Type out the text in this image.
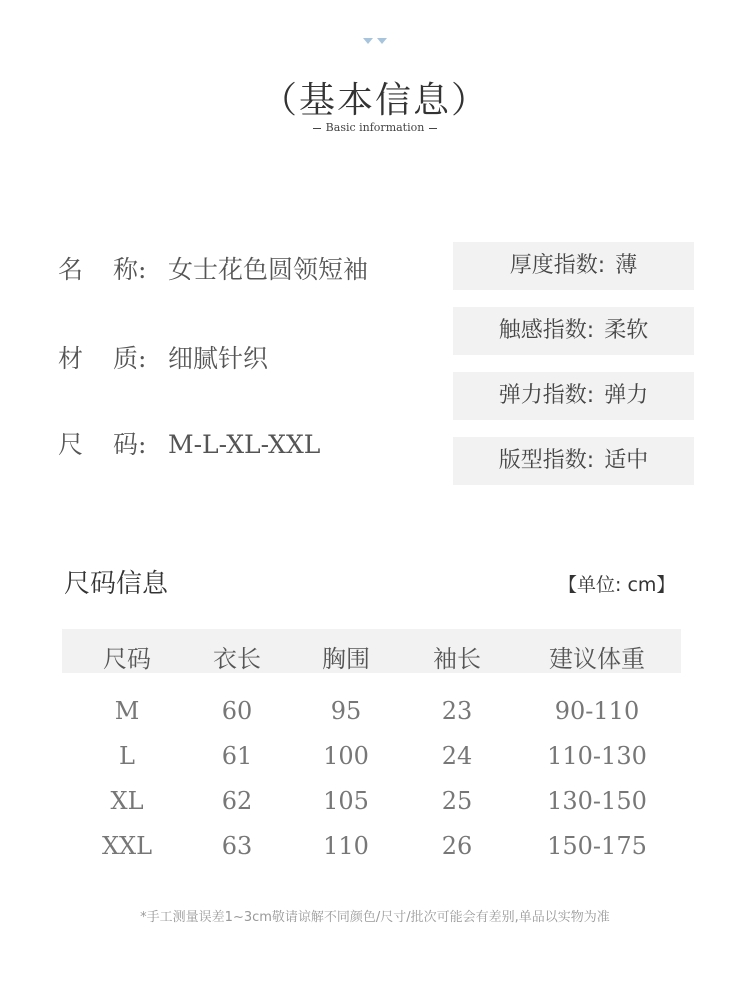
（基本信息）
Basic information
名 称: 女士花色圆领短袖
材 质: 细腻针织
尺 码: M-L-XL-XXL
厚度指数: 薄
触感指数: 柔软
弹力指数: 弹力
版型指数: 适中
尺码信息	【单位: cm】
尺码	衣长	胸围	袖长	建议体重
M	60	95	23	90-110
L	61	100	24	110-130
XL	62	105	25	130-150
XXL	63	110	26	150-175
*手工测量误差1~3cm敬请谅解不同颜色/尺寸/批次可能会有差别,单品以实物为准
